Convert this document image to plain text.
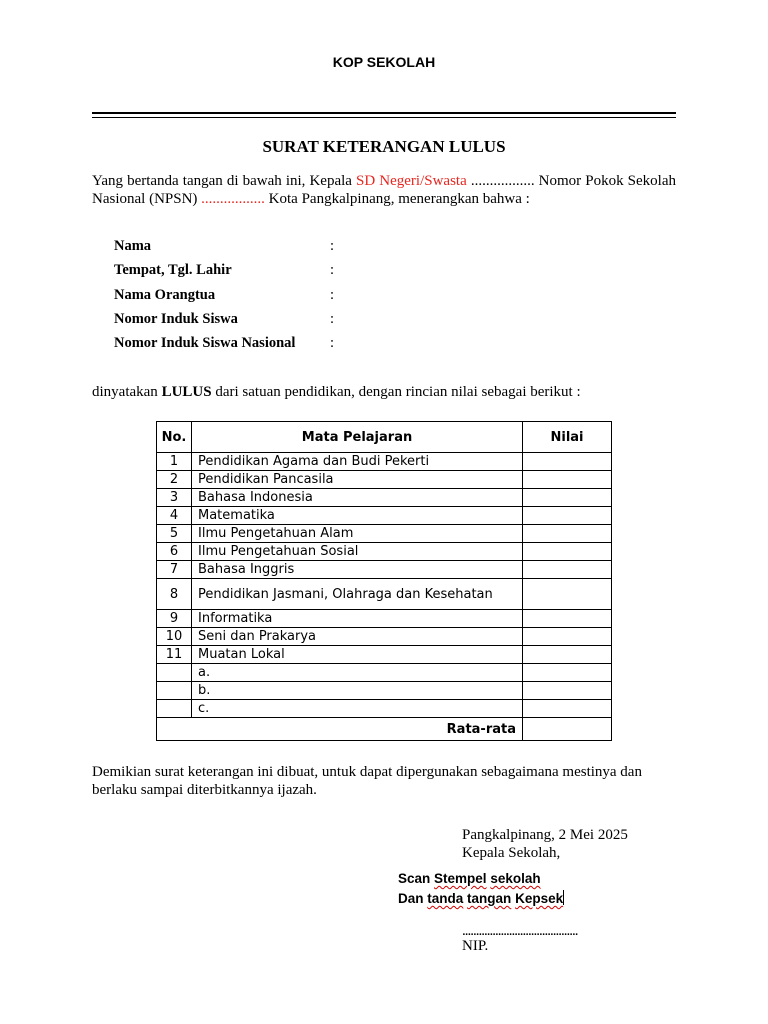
KOP SEKOLAH
SURAT KETERANGAN LULUS
Yang bertanda tangan di bawah ini, Kepala SD Negeri/Swasta ................. Nomor Pokok Sekolah Nasional (NPSN) ................. Kota Pangkalpinang, menerangkan bahwa :
Nama	:
Tempat, Tgl. Lahir	:
Nama Orangtua	:
Nomor Induk Siswa	:
Nomor Induk Siswa Nasional :
dinyatakan LULUS dari satuan pendidikan, dengan rincian nilai sebagai berikut :
No.	Mata Pelajaran	Nilai
1	Pendidikan Agama dan Budi Pekerti	
2	Pendidikan Pancasila	
3	Bahasa Indonesia	
4	Matematika	
5	Ilmu Pengetahuan Alam	
6	Ilmu Pengetahuan Sosial	
7	Bahasa Inggris	
8	Pendidikan Jasmani, Olahraga dan Kesehatan	
9	Informatika	
10	Seni dan Prakarya	
11	Muatan Lokal	
	a.	
	b.	
	c.	
Rata-rata		
Demikian surat keterangan ini dibuat, untuk dapat dipergunakan sebagaimana mestinya dan berlaku sampai diterbitkannya ijazah.
Pangkalpinang, 2 Mei 2025
Kepala Sekolah,
Scan Stempel sekolah
Dan tanda tangan Kepsek
..........................................
NIP.
